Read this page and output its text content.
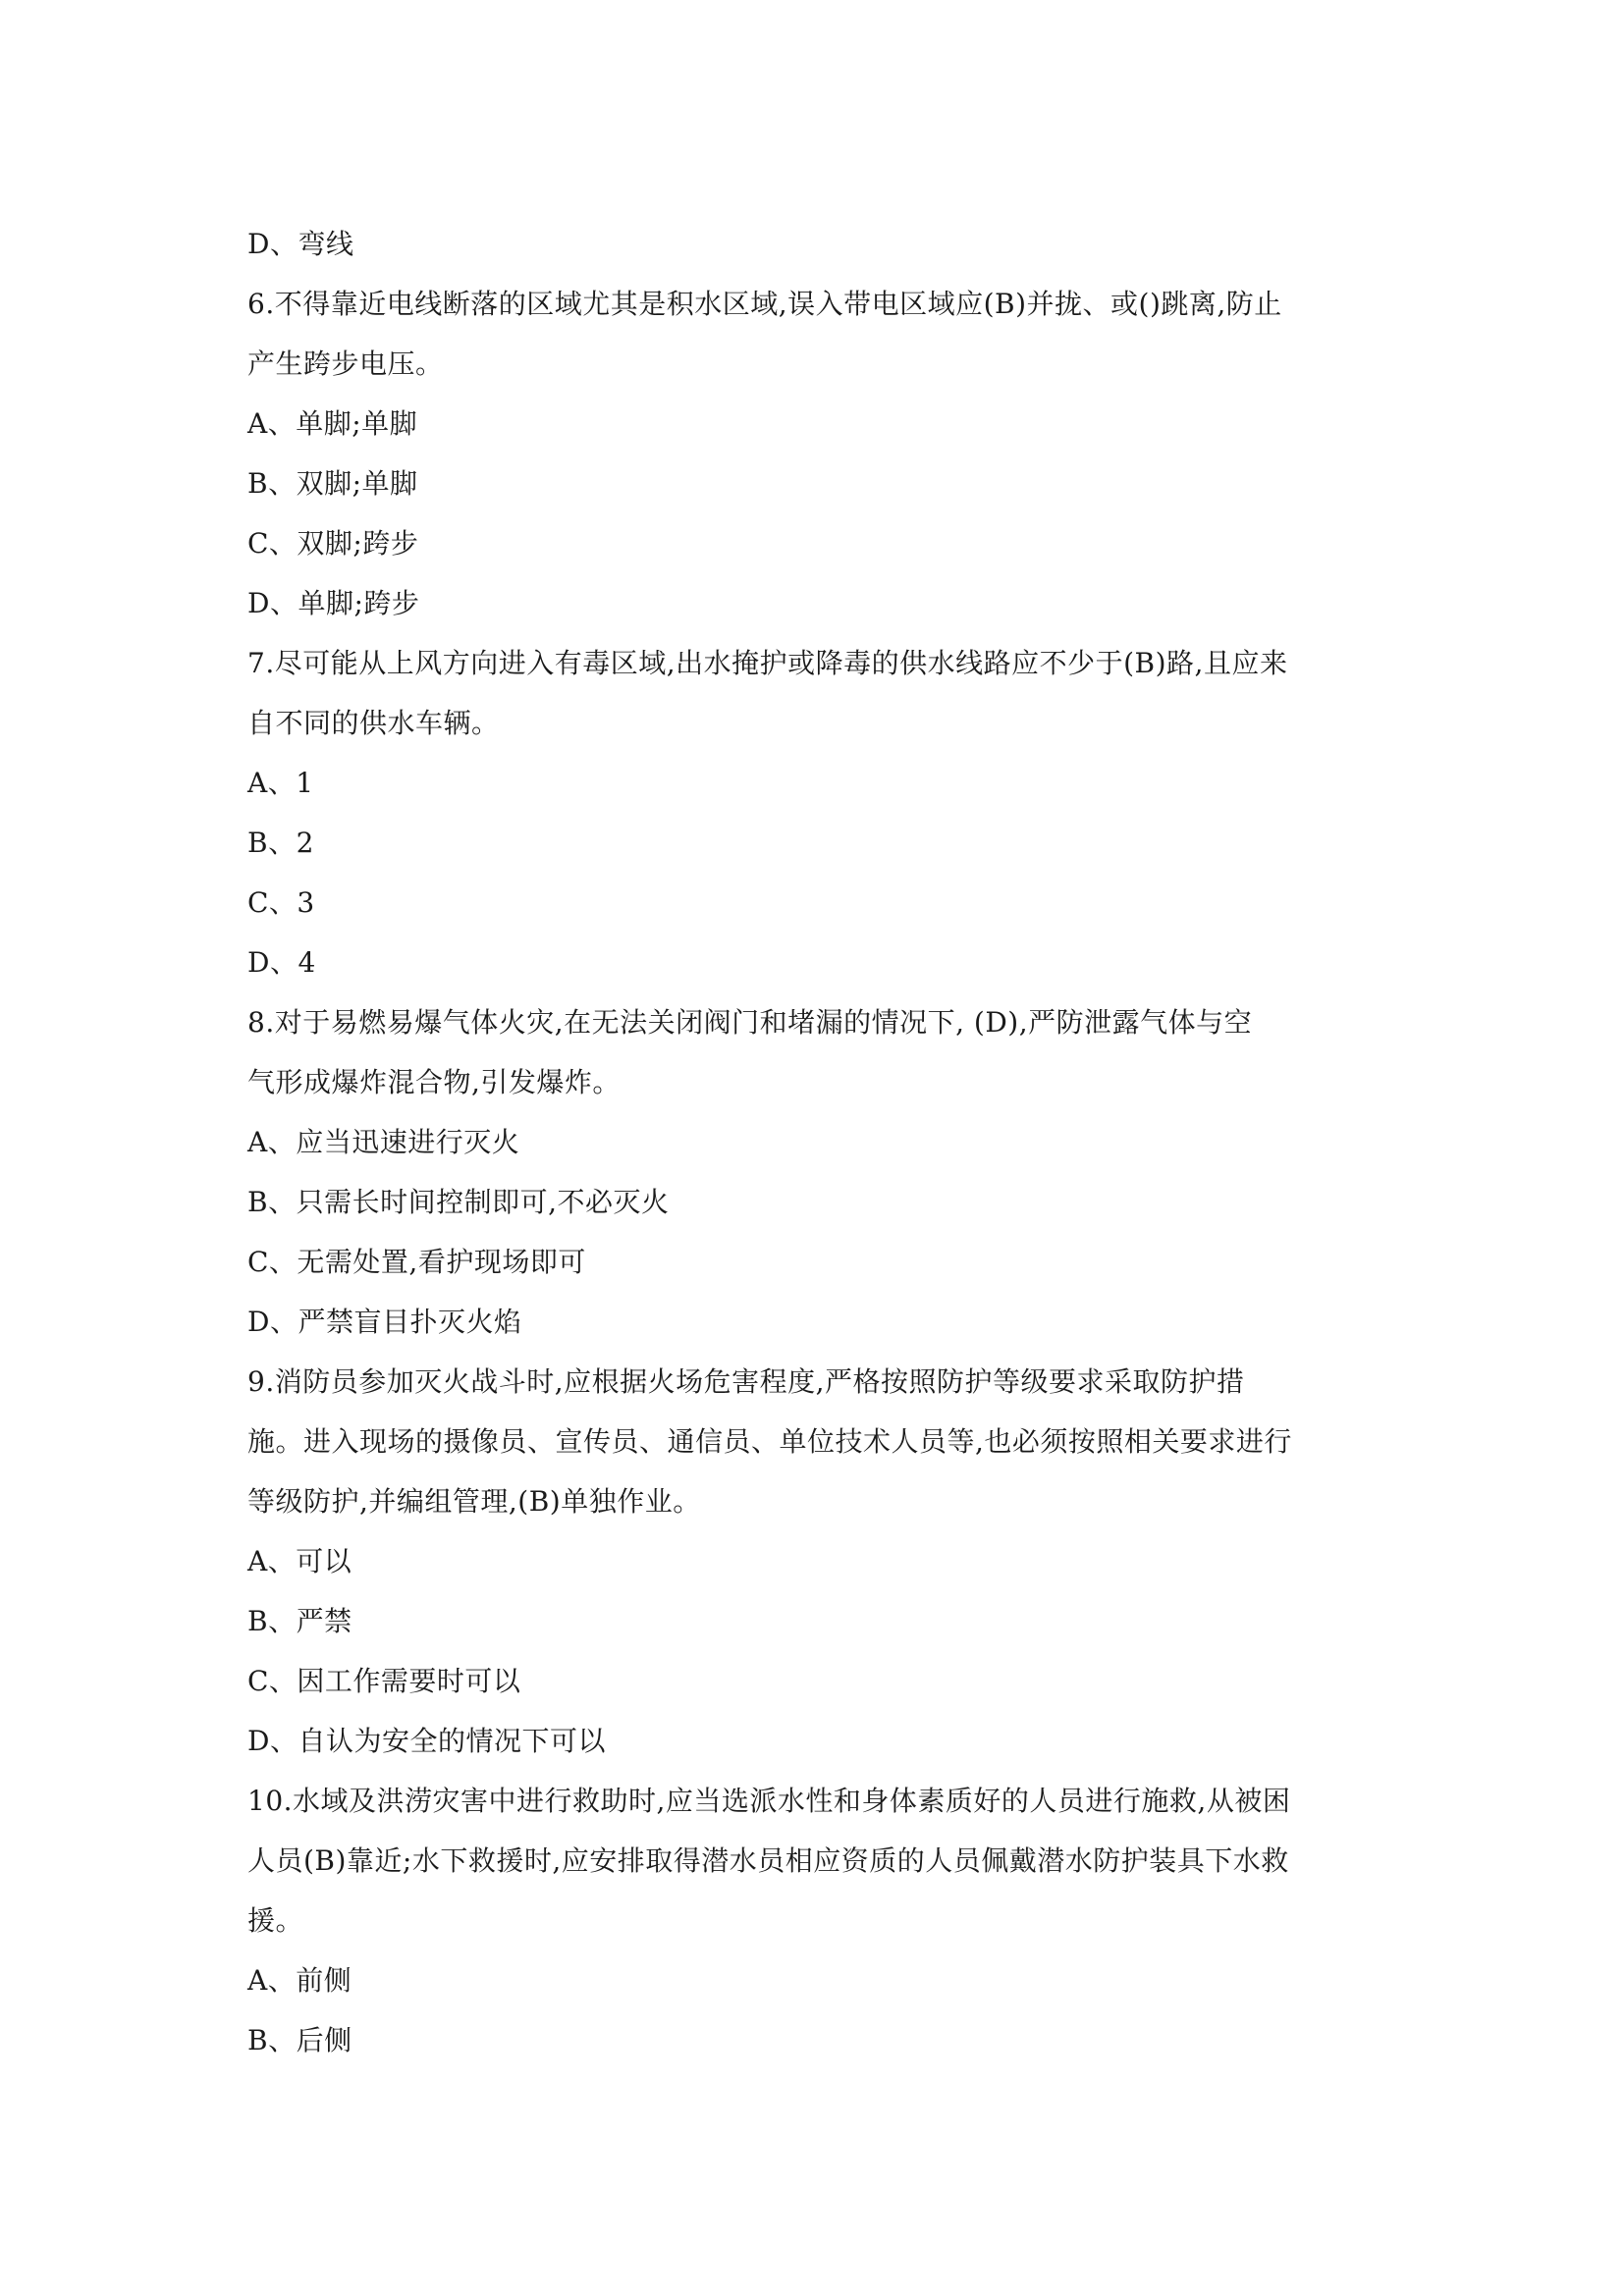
D、弯线
6.不得靠近电线断落的区域尤其是积水区域,误入带电区域应(B)并拢、或()跳离,防止
产生跨步电压。
A、单脚;单脚
B、双脚;单脚
C、双脚;跨步
D、单脚;跨步
7.尽可能从上风方向进入有毒区域,出水掩护或降毒的供水线路应不少于(B)路,且应来
自不同的供水车辆。
A、1
B、2
C、3
D、4
8.对于易燃易爆气体火灾,在无法关闭阀门和堵漏的情况下, (D),严防泄露气体与空
气形成爆炸混合物,引发爆炸。
A、应当迅速进行灭火
B、只需长时间控制即可,不必灭火
C、无需处置,看护现场即可
D、严禁盲目扑灭火焰
9.消防员参加灭火战斗时,应根据火场危害程度,严格按照防护等级要求采取防护措
施。进入现场的摄像员、宣传员、通信员、单位技术人员等,也必须按照相关要求进行
等级防护,并编组管理,(B)单独作业。
A、可以
B、严禁
C、因工作需要时可以
D、自认为安全的情况下可以
10.水域及洪涝灾害中进行救助时,应当选派水性和身体素质好的人员进行施救,从被困
人员(B)靠近;水下救援时,应安排取得潜水员相应资质的人员佩戴潜水防护装具下水救
援。
A、前侧
B、后侧
